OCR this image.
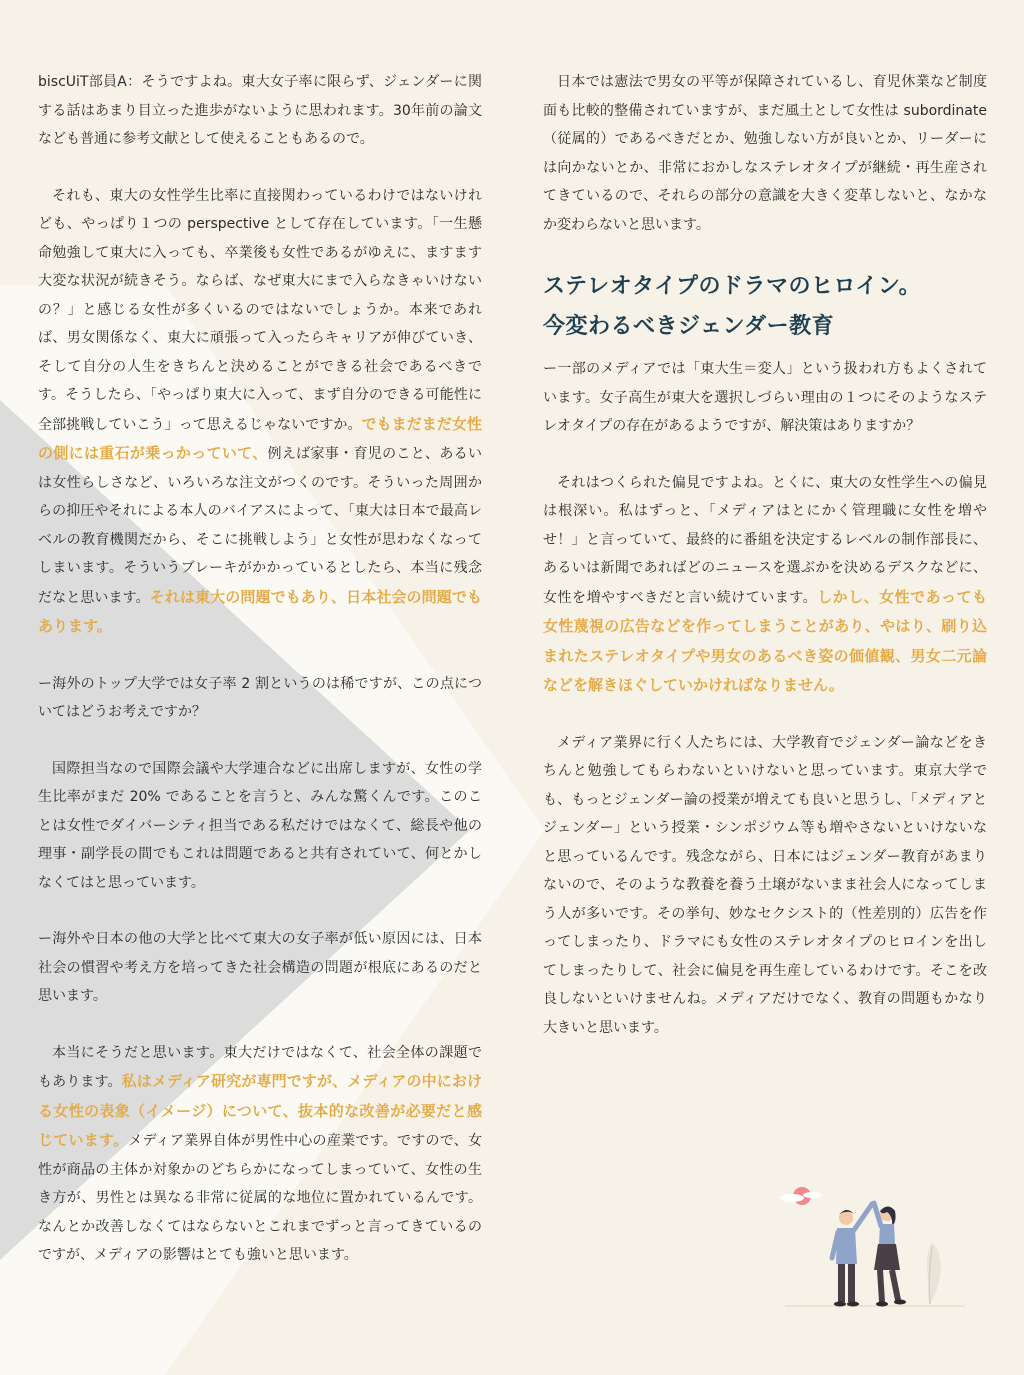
biscUiT部員A：そうですよね。東大女子率に限らず、ジェンダーに関する話はあまり目立った進歩がないように思われます。30年前の論文なども普通に参考文献として使えることもあるので。

それも、東大の女性学生比率に直接関わっているわけではないけれども、やっぱり１つの perspective として存在しています。「一生懸命勉強して東大に入っても、卒業後も女性であるがゆえに、ますます大変な状況が続きそう。ならば、なぜ東大にまで入らなきゃいけないの？」と感じる女性が多くいるのではないでしょうか。本来であれば、男女関係なく、東大に頑張って入ったらキャリアが伸びていき、そして自分の人生をきちんと決めることができる社会であるべきです。そうしたら、「やっぱり東大に入って、まず自分のできる可能性に全部挑戦していこう」って思えるじゃないですか。でもまだまだ女性の側には重石が乗っかっていて、例えば家事・育児のこと、あるいは女性らしさなど、いろいろな注文がつくのです。そういった周囲からの抑圧やそれによる本人のバイアスによって、「東大は日本で最高レベルの教育機関だから、そこに挑戦しよう」と女性が思わなくなってしまいます。そういうブレーキがかかっているとしたら、本当に残念だなと思います。それは東大の問題でもあり、日本社会の問題でもあります。

ー海外のトップ大学では女子率 2 割というのは稀ですが、この点についてはどうお考えですか？

国際担当なので国際会議や大学連合などに出席しますが、女性の学生比率がまだ 20% であることを言うと、みんな驚くんです。このことは女性でダイバーシティ担当である私だけではなくて、総長や他の理事・副学長の間でもこれは問題であると共有されていて、何とかしなくてはと思っています。

ー海外や日本の他の大学と比べて東大の女子率が低い原因には、日本社会の慣習や考え方を培ってきた社会構造の問題が根底にあるのだと思います。

本当にそうだと思います。東大だけではなくて、社会全体の課題でもあります。私はメディア研究が専門ですが、メディアの中における女性の表象（イメージ）について、抜本的な改善が必要だと感じています。メディア業界自体が男性中心の産業です。ですので、女性が商品の主体か対象かのどちらかになってしまっていて、女性の生き方が、男性とは異なる非常に従属的な地位に置かれているんです。なんとか改善しなくてはならないとこれまでずっと言ってきているのですが、メディアの影響はとても強いと思います。

日本では憲法で男女の平等が保障されているし、育児休業など制度面も比較的整備されていますが、まだ風土として女性は subordinate（従属的）であるべきだとか、勉強しない方が良いとか、リーダーには向かないとか、非常におかしなステレオタイプが継続・再生産されてきているので、それらの部分の意識を大きく変革しないと、なかなか変わらないと思います。

ステレオタイプのドラマのヒロイン。
今変わるべきジェンダー教育

ー一部のメディアでは「東大生＝変人」という扱われ方もよくされています。女子高生が東大を選択しづらい理由の１つにそのようなステレオタイプの存在があるようですが、解決策はありますか？

それはつくられた偏見ですよね。とくに、東大の女性学生への偏見は根深い。私はずっと、「メディアはとにかく管理職に女性を増やせ！」と言っていて、最終的に番組を決定するレベルの制作部長に、あるいは新聞であればどのニュースを選ぶかを決めるデスクなどに、女性を増やすべきだと言い続けています。しかし、女性であっても女性蔑視の広告などを作ってしまうことがあり、やはり、刷り込まれたステレオタイプや男女のあるべき姿の価値観、男女二元論などを解きほぐしていかければなりません。

メディア業界に行く人たちには、大学教育でジェンダー論などをきちんと勉強してもらわないといけないと思っています。東京大学でも、もっとジェンダー論の授業が増えても良いと思うし、「メディアとジェンダー」という授業・シンポジウム等も増やさないといけないなと思っているんです。残念ながら、日本にはジェンダー教育があまりないので、そのような教養を養う土壌がないまま社会人になってしまう人が多いです。その挙句、妙なセクシスト的（性差別的）広告を作ってしまったり、ドラマにも女性のステレオタイプのヒロインを出してしまったりして、社会に偏見を再生産しているわけです。そこを改良しないといけませんね。メディアだけでなく、教育の問題もかなり大きいと思います。
